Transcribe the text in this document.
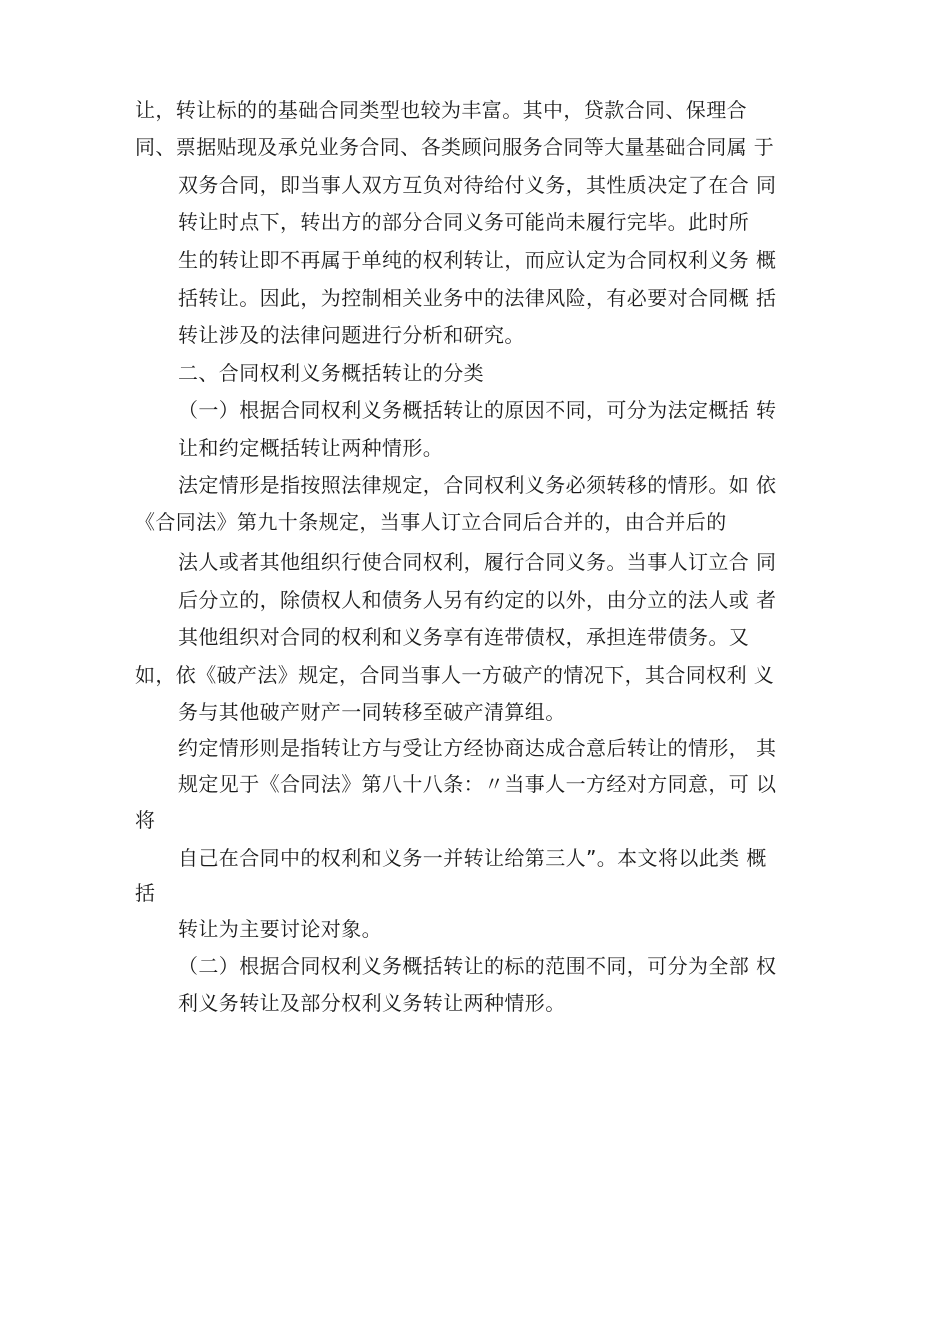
让，转让标的的基础合同类型也较为丰富。其中，贷款合同、保理合
同、票据贴现及承兑业务合同、各类顾问服务合同等大量基础合同属 于
双务合同，即当事人双方互负对待给付义务，其性质决定了在合 同
转让时点下，转出方的部分合同义务可能尚未履行完毕。此时所
生的转让即不再属于单纯的权利转让，而应认定为合同权利义务 概
括转让。因此，为控制相关业务中的法律风险，有必要对合同概 括
转让涉及的法律问题进行分析和研究。
二、合同权利义务概括转让的分类
（一）根据合同权利义务概括转让的原因不同，可分为法定概括 转
让和约定概括转让两种情形。
法定情形是指按照法律规定，合同权利义务必须转移的情形。如 依
《合同法》第九十条规定，当事人订立合同后合并的，由合并后的
法人或者其他组织行使合同权利，履行合同义务。当事人订立合 同
后分立的，除债权人和债务人另有约定的以外，由分立的法人或 者
其他组织对合同的权利和义务享有连带债权，承担连带债务。又
如，依《破产法》规定，合同当事人一方破产的情况下，其合同权利 义
务与其他破产财产一同转移至破产清算组。
约定情形则是指转让方与受让方经协商达成合意后转让的情形， 其
规定见于《合同法》第八十八条：〃当事人一方经对方同意，可 以
将
自己在合同中的权利和义务一并转让给第三人”。本文将以此类 概
括
转让为主要讨论对象。
（二）根据合同权利义务概括转让的标的范围不同，可分为全部 权
利义务转让及部分权利义务转让两种情形。
